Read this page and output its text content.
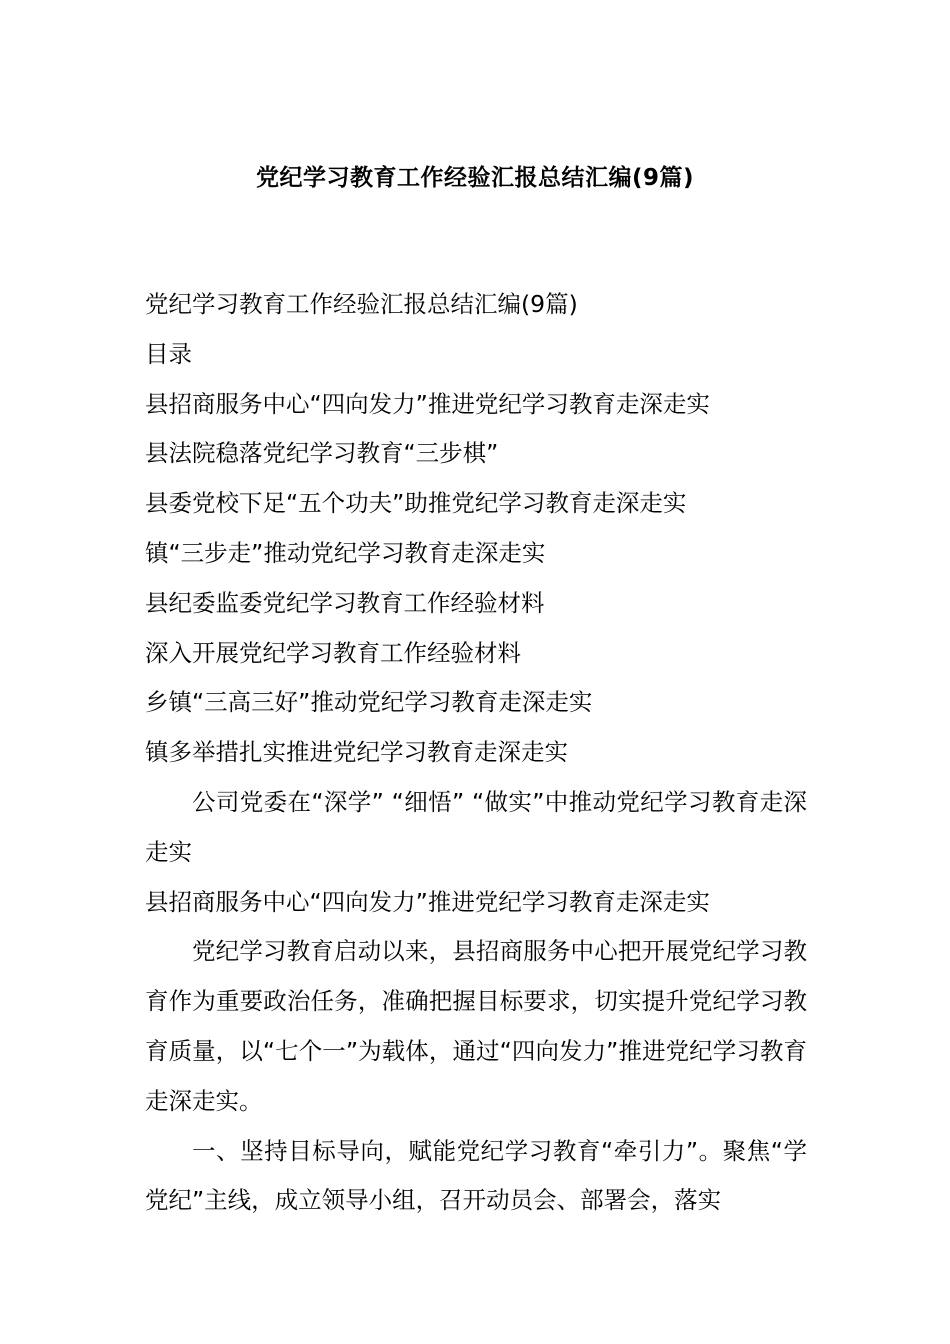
党纪学习教育工作经验汇报总结汇编(9篇)

党纪学习教育工作经验汇报总结汇编(9篇)

目录

县招商服务中心“四向发力”推进党纪学习教育走深走实

县法院稳落党纪学习教育“三步棋”

县委党校下足“五个功夫”助推党纪学习教育走深走实

镇“三步走”推动党纪学习教育走深走实

县纪委监委党纪学习教育工作经验材料

深入开展党纪学习教育工作经验材料

乡镇“三高三好”推动党纪学习教育走深走实

镇多举措扎实推进党纪学习教育走深走实

公司党委在“深学” “细悟” “做实”中推动党纪学习教育走深走实

县招商服务中心“四向发力”推进党纪学习教育走深走实

党纪学习教育启动以来，县招商服务中心把开展党纪学习教育作为重要政治任务，准确把握目标要求，切实提升党纪学习教育质量，以“七个一”为载体，通过“四向发力”推进党纪学习教育走深走实。

一、坚持目标导向，赋能党纪学习教育“牵引力”。聚焦“学党纪”主线，成立领导小组，召开动员会、部署会，落实
